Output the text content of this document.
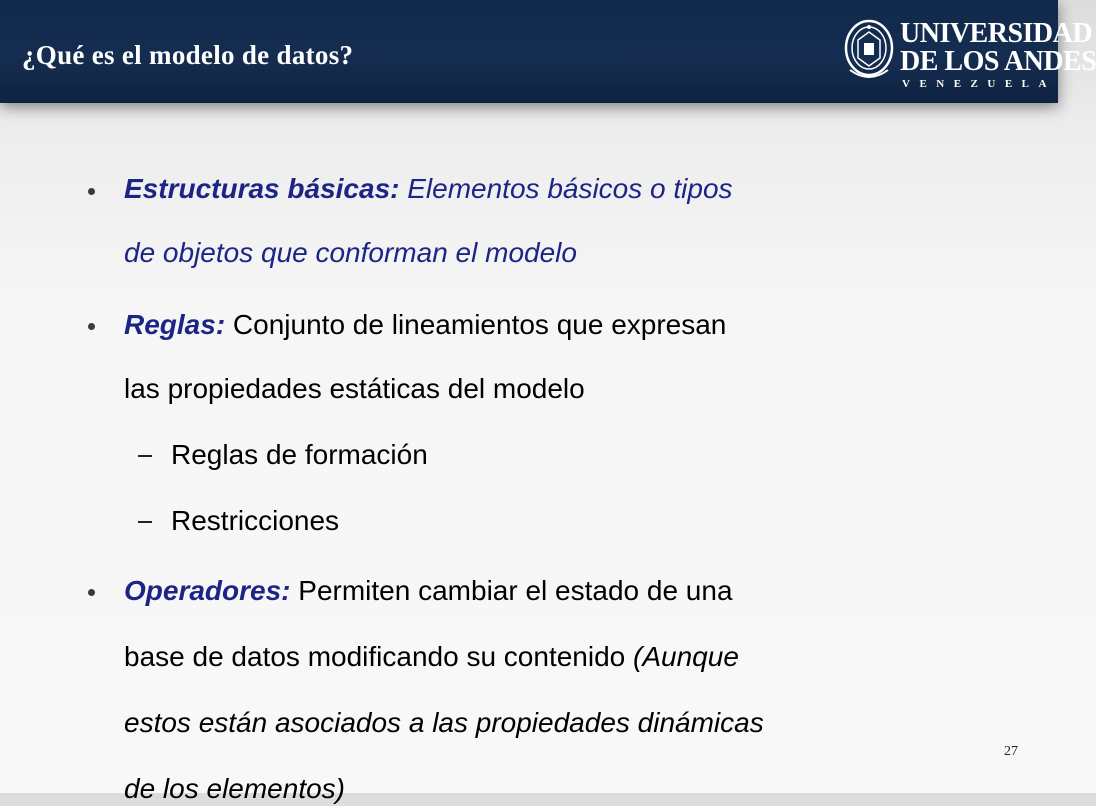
¿Qué es el modelo de datos?
UNIVERSIDAD
DE LOS ANDES
VENEZUELA
Estructuras básicas: Elementos básicos o tipos
de objetos que conforman el modelo
Reglas: Conjunto de lineamientos que expresan
las propiedades estáticas del modelo
Reglas de formación
Restricciones
Operadores: Permiten cambiar el estado de una
base de datos modificando su contenido (Aunque
estos están asociados a las propiedades dinámicas
de los elementos)
27
